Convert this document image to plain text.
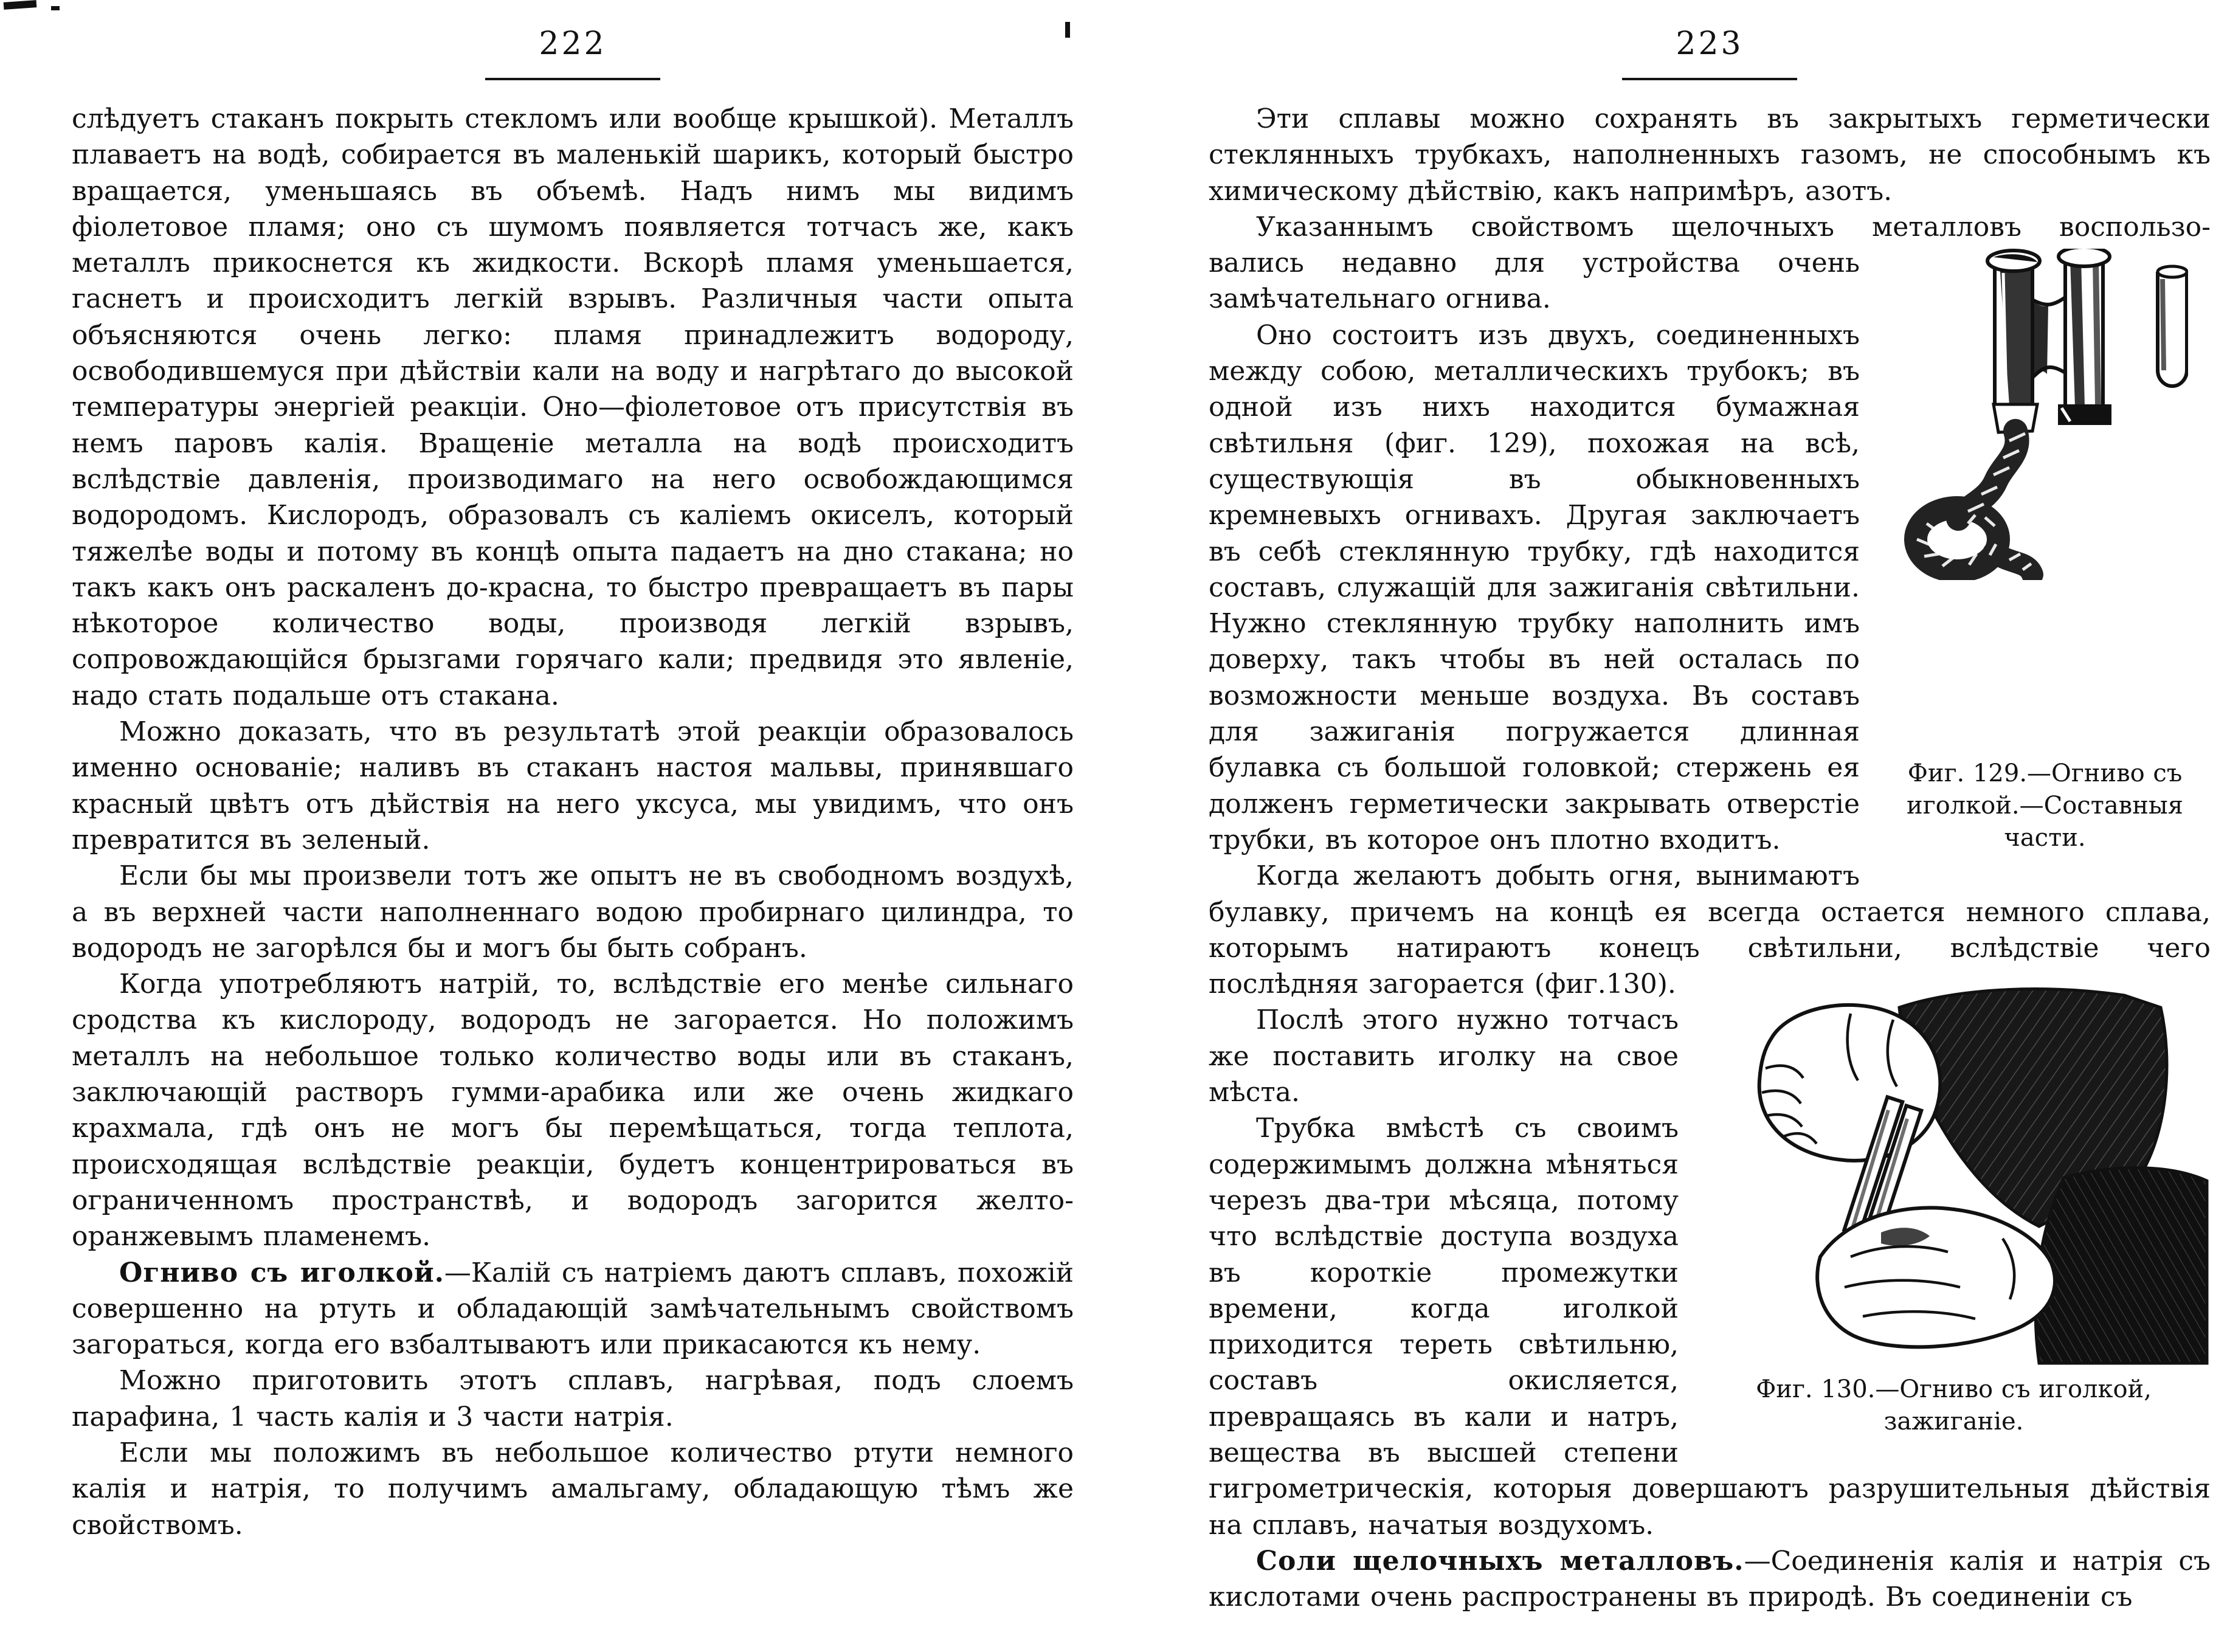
222

слѣдуетъ стаканъ покрыть стекломъ или вообще крышкой). Металлъ плаваетъ на водѣ, собирается въ маленькій шарикъ, который быстро вращается, уменьшаясь въ объемѣ. Надъ нимъ мы видимъ фіолетовое пламя; оно съ шумомъ появляется тотчасъ же, какъ металлъ прикоснется къ жидкости. Вскорѣ пламя уменьшается, гаснетъ и происходитъ легкій взрывъ. Различныя части опыта объясняются очень легко: пламя принадлежитъ водороду, освободившемуся при дѣйствіи кали на воду и нагрѣтаго до высокой температуры энергіей реакціи. Оно—фіолетовое отъ присутствія въ немъ паровъ калія. Вращеніе металла на водѣ происходитъ вслѣдствіе давленія, производимаго на него освобождающимся водородомъ. Кислородъ, образовалъ съ каліемъ окиселъ, который тяжелѣе воды и потому въ концѣ опыта падаетъ на дно стакана; но такъ какъ онъ раскаленъ до-красна, то быстро превращаетъ въ пары нѣкоторое количество воды, производя легкій взрывъ, сопровождающійся брызгами горячаго кали; предвидя это явленіе, надо стать подальше отъ стакана.

Можно доказать, что въ результатѣ этой реакціи образовалось именно основаніе; наливъ въ стаканъ настоя мальвы, принявшаго красный цвѣтъ отъ дѣйствія на него уксуса, мы увидимъ, что онъ превратится въ зеленый.

Если бы мы произвели тотъ же опытъ не въ свободномъ воздухѣ, а въ верхней части наполненнаго водою пробирнаго цилиндра, то водородъ не загорѣлся бы и могъ бы быть собранъ.

Когда употребляютъ натрій, то, вслѣдствіе его менѣе сильнаго сродства къ кислороду, водородъ не загорается. Но положимъ металлъ на небольшое только количество воды или въ стаканъ, заключающій растворъ гумми-арабика или же очень жидкаго крахмала, гдѣ онъ не могъ бы перемѣщаться, тогда теплота, происходящая вслѣдствіе реакціи, будетъ концентрироваться въ ограниченномъ пространствѣ, и водородъ загорится желто-оранжевымъ пламенемъ.

Огниво съ иголкой.—Калій съ натріемъ даютъ сплавъ, похожій совершенно на ртуть и обладающій замѣчательнымъ свойствомъ загораться, когда его взбалтываютъ или прикасаются къ нему.

Можно приготовить этотъ сплавъ, нагрѣвая, подъ слоемъ парафина, 1 часть калія и 3 части натрія.

Если мы положимъ въ небольшое количество ртути немного калія и натрія, то получимъ амальгаму, обладающую тѣмъ же свойствомъ.

223

Эти сплавы можно сохранять въ закрытыхъ герметически стеклянныхъ трубкахъ, наполненныхъ газомъ, не способнымъ къ химическому дѣйствію, какъ напримѣръ, азотъ.

Указаннымъ свойствомъ щелочныхъ металловъ воспользо-

Фиг. 129.—Огниво съ иголкой.—Составныя части.

вались недавно для устройства очень замѣчательнаго огнива.

Оно состоитъ изъ двухъ, соединенныхъ между собою, металлическихъ трубокъ; въ одной изъ нихъ находится бумажная свѣтильня (фиг. 129), похожая на всѣ, существующія въ обыкновенныхъ кремневыхъ огнивахъ. Другая заключаетъ въ себѣ стеклянную трубку, гдѣ находится составъ, служащій для зажиганія свѣтильни. Нужно стеклянную трубку наполнить имъ доверху, такъ чтобы въ ней осталась по возможности меньше воздуха. Въ составъ для зажиганія погружается длинная булавка съ большой головкой; стержень ея долженъ герметически закрывать отверстіе трубки, въ которое онъ плотно входитъ.

Когда желаютъ добыть огня, вынимаютъ булавку, причемъ на концѣ ея всегда остается немного сплава, которымъ натираютъ конецъ свѣтильни, вслѣдствіе чего

Фиг. 130.—Огниво съ иголкой, зажиганіе.

послѣдняя загорается (фиг.130).

Послѣ этого нужно тотчасъ же поставить иголку на свое мѣста.

Трубка вмѣстѣ съ своимъ содержимымъ должна мѣняться черезъ два-три мѣсяца, потому что вслѣдствіе доступа воздуха въ короткіе промежутки времени, когда иголкой приходится тереть свѣтильню, составъ окисляется, превращаясь въ кали и натръ, вещества въ высшей степени гигрометрическія, которыя довершаютъ разрушительныя дѣйствія на сплавъ, начатыя воздухомъ.

Соли щелочныхъ металловъ.—Соединенія калія и натрія съ кислотами очень распространены въ природѣ. Въ соединеніи съ
